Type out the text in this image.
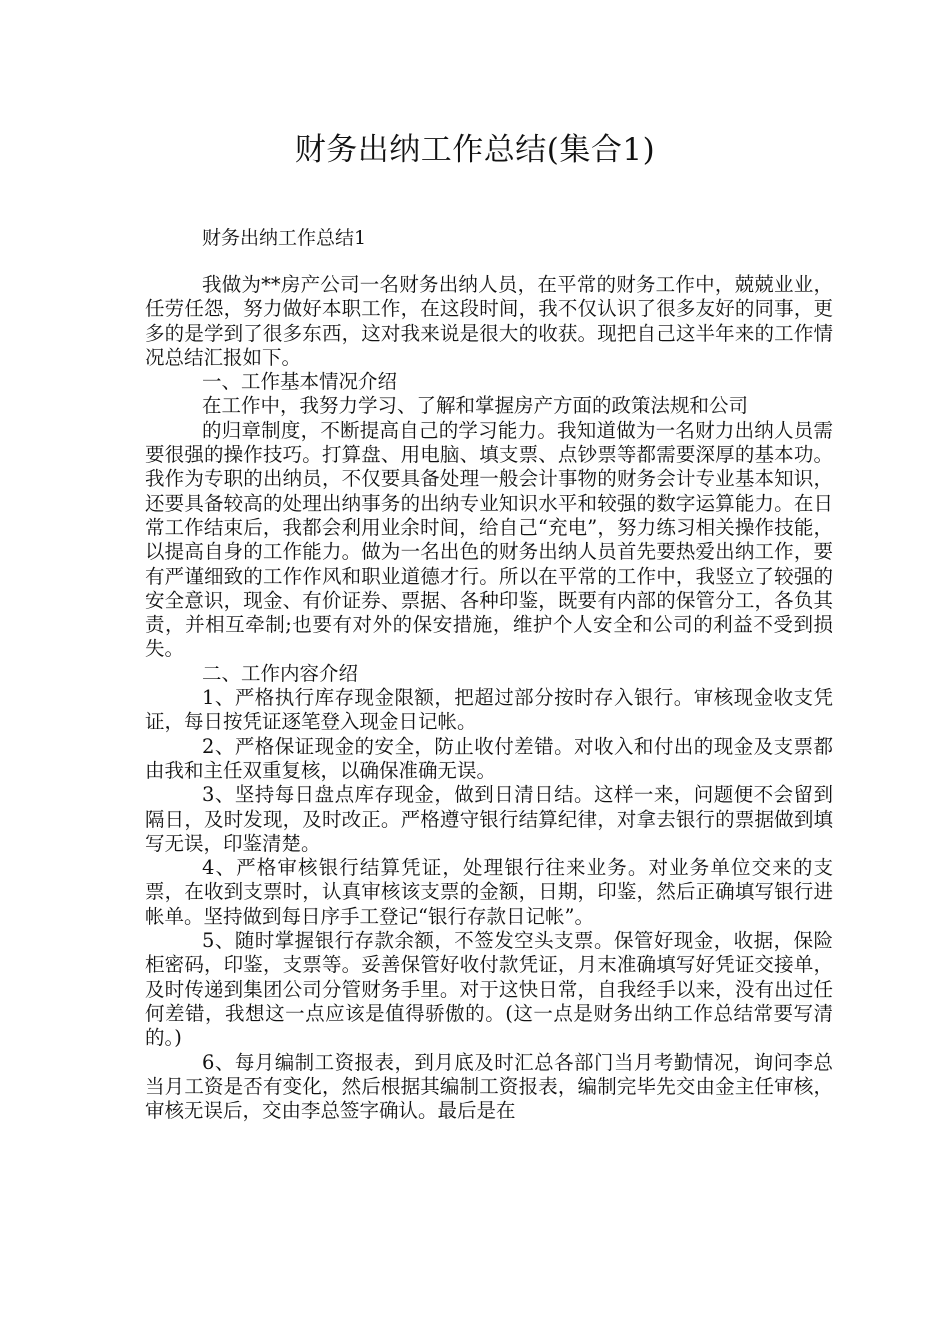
财务出纳工作总结(集合1)
财务出纳工作总结1

我做为**房产公司一名财务出纳人员，在平常的财务工作中，兢兢业业，任劳任怨，努力做好本职工作，在这段时间，我不仅认识了很多友好的同事，更多的是学到了很多东西，这对我来说是很大的收获。现把自己这半年来的工作情况总结汇报如下。

一、工作基本情况介绍

在工作中，我努力学习、了解和掌握房产方面的政策法规和公司

的归章制度，不断提高自己的学习能力。我知道做为一名财力出纳人员需要很强的操作技巧。打算盘、用电脑、填支票、点钞票等都需要深厚的基本功。我作为专职的出纳员，不仅要具备处理一般会计事物的财务会计专业基本知识，还要具备较高的处理出纳事务的出纳专业知识水平和较强的数字运算能力。在日常工作结束后，我都会利用业余时间，给自己“充电”，努力练习相关操作技能，以提高自身的工作能力。做为一名出色的财务出纳人员首先要热爱出纳工作，要有严谨细致的工作作风和职业道德才行。所以在平常的工作中，我竖立了较强的安全意识，现金、有价证券、票据、各种印鉴，既要有内部的保管分工，各负其责，并相互牵制;也要有对外的保安措施，维护个人安全和公司的利益不受到损失。

二、工作内容介绍

1、严格执行库存现金限额，把超过部分按时存入银行。审核现金收支凭证，每日按凭证逐笔登入现金日记帐。

2、严格保证现金的安全，防止收付差错。对收入和付出的现金及支票都由我和主任双重复核，以确保准确无误。

3、坚持每日盘点库存现金，做到日清日结。这样一来，问题便不会留到隔日，及时发现，及时改正。严格遵守银行结算纪律，对拿去银行的票据做到填写无误，印鉴清楚。

4、严格审核银行结算凭证，处理银行往来业务。对业务单位交来的支票，在收到支票时，认真审核该支票的金额，日期，印鉴，然后正确填写银行进帐单。坚持做到每日序手工登记“银行存款日记帐”。

5、随时掌握银行存款余额，不签发空头支票。保管好现金，收据，保险柜密码，印鉴，支票等。妥善保管好收付款凭证，月末准确填写好凭证交接单，及时传递到集团公司分管财务手里。对于这快日常，自我经手以来，没有出过任何差错，我想这一点应该是值得骄傲的。(这一点是财务出纳工作总结常要写清的。)

6、每月编制工资报表，到月底及时汇总各部门当月考勤情况，询问李总当月工资是否有变化，然后根据其编制工资报表，编制完毕先交由金主任审核，审核无误后，交由李总签字确认。最后是在
